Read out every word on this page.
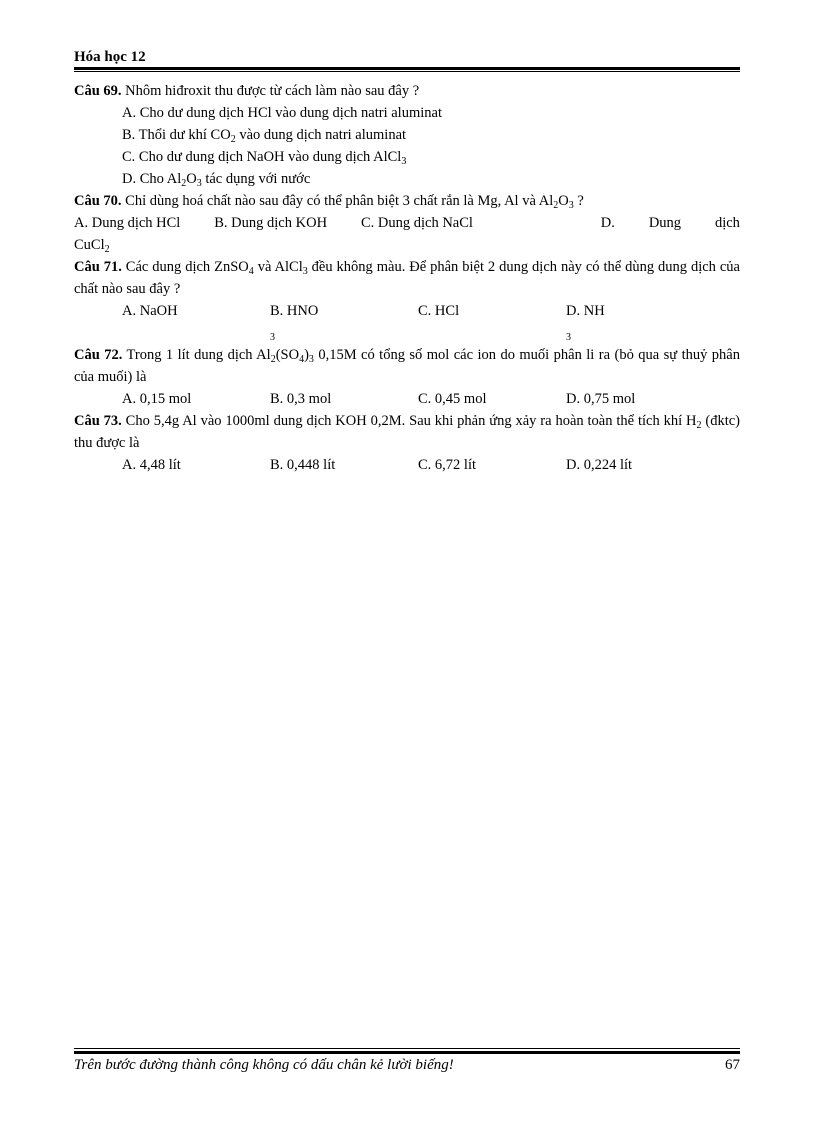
Hóa học 12
Câu 69. Nhôm hiđroxit thu được từ cách làm nào sau đây ?
A. Cho dư dung dịch HCl vào dung dịch natri aluminat
B. Thổi dư khí $CO_2$ vào dung dịch natri aluminat
C. Cho dư dung dịch NaOH vào dung dịch AlCl$_3$
D. Cho $Al_2O_3$ tác dụng với nước
Câu 70. Chỉ dùng hoá chất nào sau đây có thể phân biệt 3 chất rắn là Mg, Al và $Al_2O_3$ ?
A. Dung dịch HCl B. Dung dịch KOH C. Dung dịch NaCl	D. Dung dịch
CuCl$_2$
Câu 71. Các dung dịch ZnSO$_4$ và AlCl$_3$ đều không màu. Để phân biệt 2 dung dịch này có thể dùng dung dịch của chất nào sau đây ?
A. NaOH	B. $HNO_3$
C. HCl	D. $NH_3$
Câu 72. Trong 1 lít dung dịch $Al_2(SO_4)_3$ 0,15M có tổng số mol các ion do muối phân li ra (bỏ qua sự thuỷ phân của muối) là
A. 0,15 mol	B. 0,3 mol	C. 0,45 mol	D. 0,75 mol
Câu 73. Cho 5,4g Al vào 1000ml dung dịch KOH 0,2M. Sau khi phản ứng xảy ra hoàn toàn thể tích khí $H_2$ (đktc) thu được là
A. 4,48 lít	B. 0,448 lít	C. 6,72 lít	D. 0,224 lít
Trên bước đường thành công không có dấu chân kẻ lười biếng!	67
